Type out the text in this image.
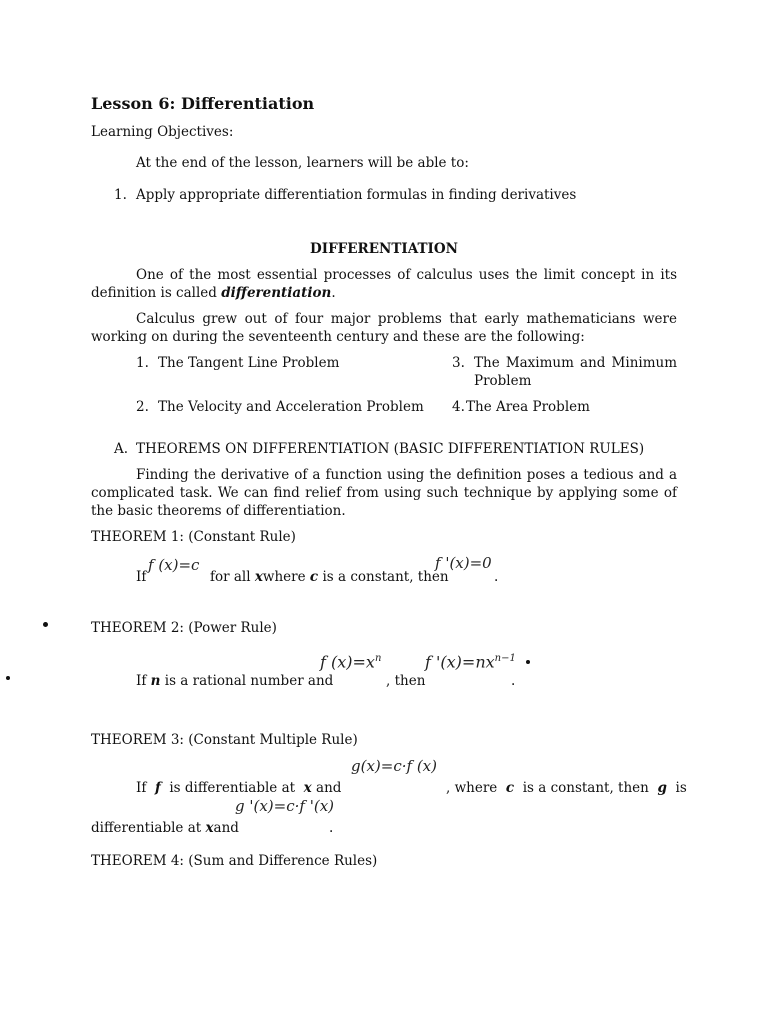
Lesson 6: Differentiation
Learning Objectives:
At the end of the lesson, learners will be able to:
1. Apply appropriate differentiation formulas in finding derivatives
DIFFERENTIATION
One of the most essential processes of calculus uses the limit concept in its definition is called differentiation.
Calculus grew out of four major problems that early mathematicians were working on during the seventeenth century and these are the following:
1. The Tangent Line Problem
2. The Velocity and Acceleration Problem
3. The Maximum and Minimum Problem
4. The Area Problem
A. THEOREMS ON DIFFERENTIATION (BASIC DIFFERENTIATION RULES)
Finding the derivative of a function using the definition poses a tedious and a complicated task. We can find relief from using such technique by applying some of the basic theorems of differentiation.
THEOREM 1: (Constant Rule)
f (x)=c	f '(x)=0
If	for all xwhere c is a constant, then	.
THEOREM 2: (Power Rule)
f $(x)=x^n$	f '$(x)=nx^{n-1}$
If n is a rational number and	, then	.
THEOREM 3: (Constant Multiple Rule)
g(x)=c·f (x)
If f is differentiable at x and	, where c is a constant, then g is
g '(x)=c·f '(x)
differentiable at xand	.
THEOREM 4: (Sum and Difference Rules)
